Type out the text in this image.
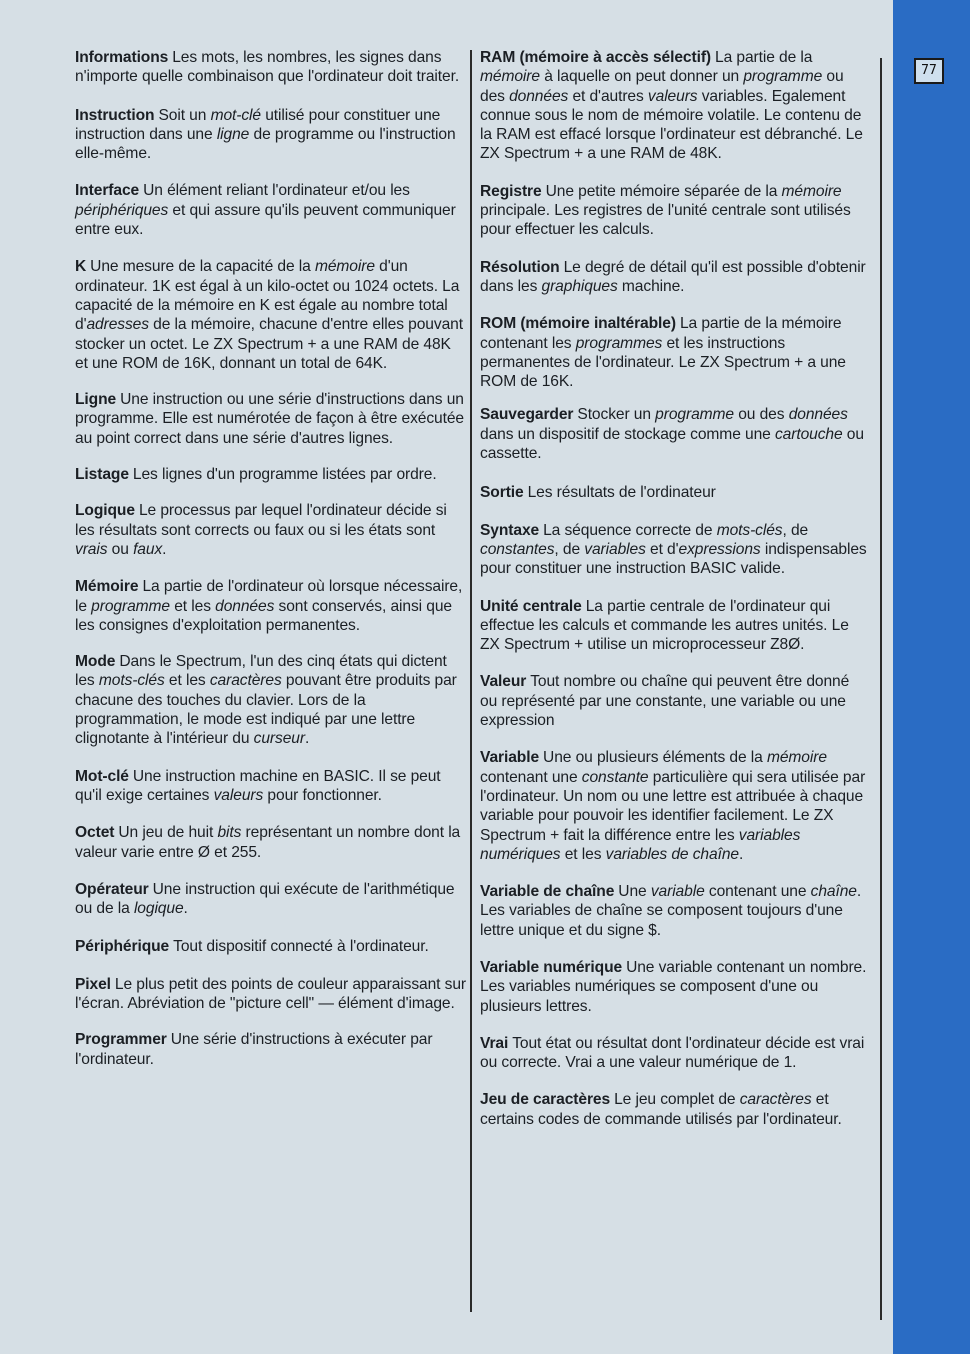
Informations Les mots, les nombres, les signes dans n'importe quelle combinaison que l'ordinateur doit traiter.

Instruction Soit un mot-clé utilisé pour constituer une instruction dans une ligne de programme ou l'instruction elle-même.

Interface Un élément reliant l'ordinateur et/ou les périphériques et qui assure qu'ils peuvent communiquer entre eux.

K Une mesure de la capacité de la mémoire d'un ordinateur. 1K est égal à un kilo-octet ou 1024 octets. La capacité de la mémoire en K est égale au nombre total d'adresses de la mémoire, chacune d'entre elles pouvant stocker un octet. Le ZX Spectrum + a une RAM de 48K et une ROM de 16K, donnant un total de 64K.

Ligne Une instruction ou une série d'instructions dans un programme. Elle est numérotée de façon à être exécutée au point correct dans une série d'autres lignes.

Listage Les lignes d'un programme listées par ordre.

Logique Le processus par lequel l'ordinateur décide si les résultats sont corrects ou faux ou si les états sont vrais ou faux.

Mémoire La partie de l'ordinateur où lorsque nécessaire, le programme et les données sont conservés, ainsi que les consignes d'exploitation permanentes.

Mode Dans le Spectrum, l'un des cinq états qui dictent les mots-clés et les caractères pouvant être produits par chacune des touches du clavier. Lors de la programmation, le mode est indiqué par une lettre clignotante à l'intérieur du curseur.

Mot-clé Une instruction machine en BASIC. Il se peut qu'il exige certaines valeurs pour fonctionner.

Octet Un jeu de huit bits représentant un nombre dont la valeur varie entre Ø et 255.

Opérateur Une instruction qui exécute de l'arithmétique ou de la logique.

Périphérique Tout dispositif connecté à l'ordinateur.

Pixel Le plus petit des points de couleur apparaissant sur l'écran. Abréviation de "picture cell" — élément d'image.

Programmer Une série d'instructions à exécuter par l'ordinateur.

RAM (mémoire à accès sélectif) La partie de la mémoire à laquelle on peut donner un programme ou des données et d'autres valeurs variables. Egalement connue sous le nom de mémoire volatile. Le contenu de la RAM est effacé lorsque l'ordinateur est débranché. Le ZX Spectrum + a une RAM de 48K.

Registre Une petite mémoire séparée de la mémoire principale. Les registres de l'unité centrale sont utilisés pour effectuer les calculs.

Résolution Le degré de détail qu'il est possible d'obtenir dans les graphiques machine.

ROM (mémoire inaltérable) La partie de la mémoire contenant les programmes et les instructions permanentes de l'ordinateur. Le ZX Spectrum + a une ROM de 16K.

Sauvegarder Stocker un programme ou des données dans un dispositif de stockage comme une cartouche ou cassette.

Sortie Les résultats de l'ordinateur

Syntaxe La séquence correcte de mots-clés, de constantes, de variables et d'expressions indispensables pour constituer une instruction BASIC valide.

Unité centrale La partie centrale de l'ordinateur qui effectue les calculs et commande les autres unités. Le ZX Spectrum + utilise un microprocesseur Z8Ø.

Valeur Tout nombre ou chaîne qui peuvent être donné ou représenté par une constante, une variable ou une expression

Variable Une ou plusieurs éléments de la mémoire contenant une constante particulière qui sera utilisée par l'ordinateur. Un nom ou une lettre est attribuée à chaque variable pour pouvoir les identifier facilement. Le ZX Spectrum + fait la différence entre les variables numériques et les variables de chaîne.

Variable de chaîne Une variable contenant une chaîne. Les variables de chaîne se composent toujours d'une lettre unique et du signe $.

Variable numérique Une variable contenant un nombre. Les variables numériques se composent d'une ou plusieurs lettres.

Vrai Tout état ou résultat dont l'ordinateur décide est vrai ou correcte. Vrai a une valeur numérique de 1.

Jeu de caractères Le jeu complet de caractères et certains codes de commande utilisés par l'ordinateur.

77
